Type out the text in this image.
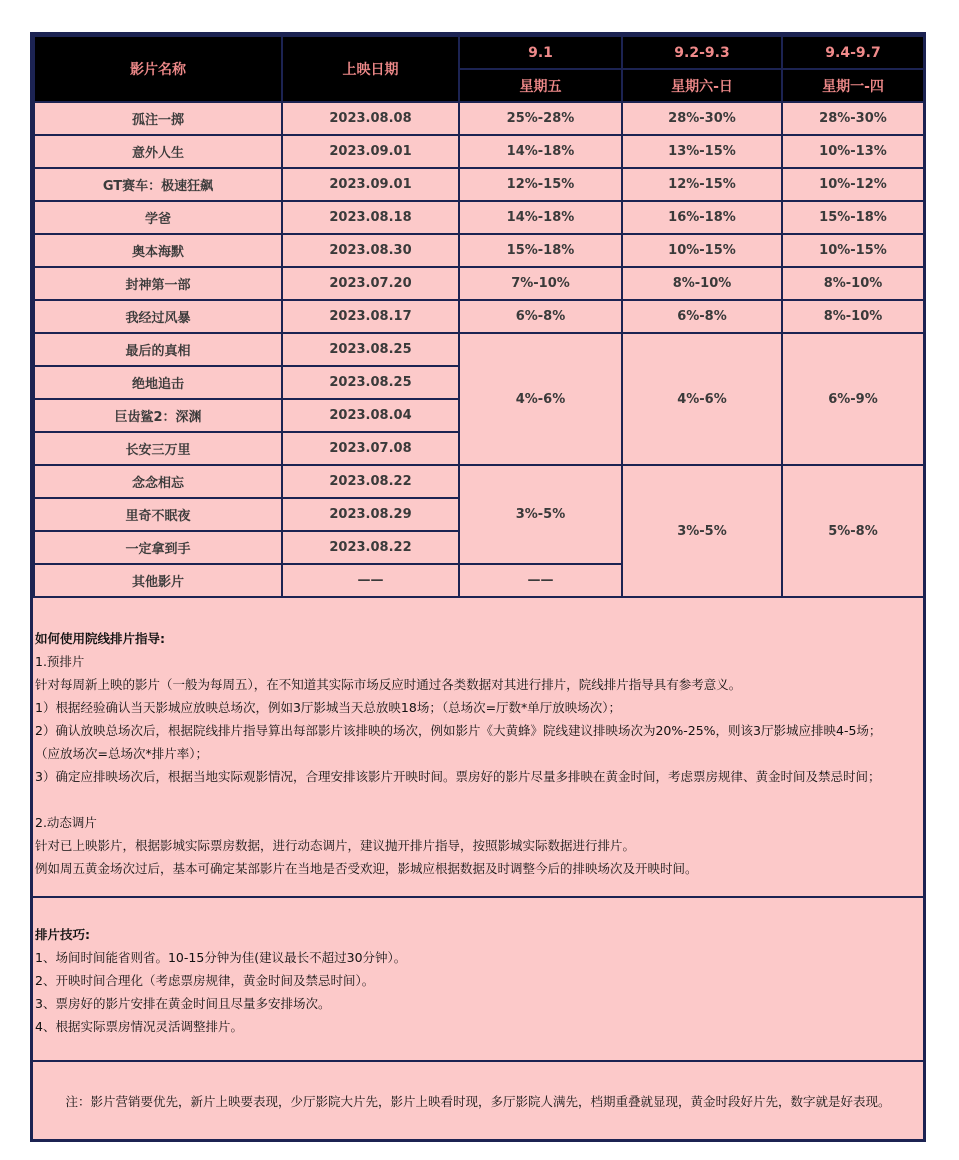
影片名称	上映日期	9.1	9.2-9.3	9.4-9.7
		星期五	星期六-日	星期一-四
孤注一掷	2023.08.08	25%-28%	28%-30%	28%-30%
意外人生	2023.09.01	14%-18%	13%-15%	10%-13%
GT赛车：极速狂飙	2023.09.01	12%-15%	12%-15%	10%-12%
学爸	2023.08.18	14%-18%	16%-18%	15%-18%
奥本海默	2023.08.30	15%-18%	10%-15%	10%-15%
封神第一部	2023.07.20	7%-10%	8%-10%	8%-10%
我经过风暴	2023.08.17	6%-8%	6%-8%	8%-10%
最后的真相	2023.08.25	4%-6%	4%-6%	6%-9%
绝地追击	2023.08.25			
巨齿鲨2：深渊	2023.08.04			
长安三万里	2023.07.08			
念念相忘	2023.08.22	3%-5%	3%-5%	5%-8%
里奇不眠夜	2023.08.29			
一定拿到手	2023.08.22			
其他影片	——	——		

如何使用院线排片指导:

1.预排片

针对每周新上映的影片（一般为每周五），在不知道其实际市场反应时通过各类数据对其进行排片，院线排片指导具有参考意义。

1）根据经验确认当天影城应放映总场次，例如3厅影城当天总放映18场；（总场次=厅数*单厅放映场次）；

2）确认放映总场次后，根据院线排片指导算出每部影片该排映的场次，例如影片《大黄蜂》院线建议排映场次为20%-25%，则该3厅影城应排映4-5场；

（应放场次=总场次*排片率）；

3）确定应排映场次后，根据当地实际观影情况，合理安排该影片开映时间。票房好的影片尽量多排映在黄金时间，考虑票房规律、黄金时间及禁忌时间；

2.动态调片

针对已上映影片，根据影城实际票房数据，进行动态调片，建议抛开排片指导，按照影城实际数据进行排片。

例如周五黄金场次过后，基本可确定某部影片在当地是否受欢迎，影城应根据数据及时调整今后的排映场次及开映时间。

排片技巧:

1、场间时间能省则省。10-15分钟为佳(建议最长不超过30分钟）。

2、开映时间合理化（考虑票房规律，黄金时间及禁忌时间）。

3、票房好的影片安排在黄金时间且尽量多安排场次。

4、根据实际票房情况灵活调整排片。

注：影片营销要优先，新片上映要表现，少厅影院大片先，影片上映看时现，多厅影院人满先，档期重叠就显现，黄金时段好片先，数字就是好表现。
